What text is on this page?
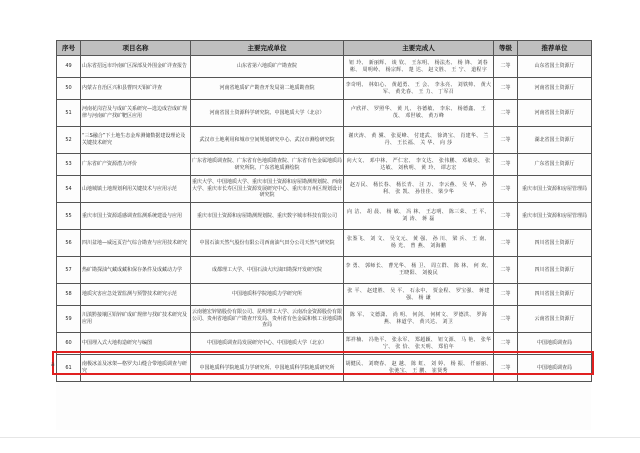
序号	项目名称	主要完成单位	主要完成人	等级	推荐单位
49	山东省招远市玲南矿区深部及外围金矿详查报告	山东省第六地质矿产勘查院	钮 玲、 新丽辉、 谈 钦、 王东明、 杨法杰、 杨 锋、 刘春彬、 周明岭、 杨宗辉、 楚 达、 赵文胜、 王 宁、 道程宇	二等	山东省国土资源厅
50	内蒙古自治区兴和县曹四天钼矿详查	河南省地质矿产勘查开发局第二地质勘查院	李奇明、 林如心、 黄超勇、 王 会、 李永亮、 刘铁帅、 黄大军、 黄先春、 王 力、 丁军召	二等	河南省国土资源厅
51	河南花岗岩及与成矿关系研究—选边成岩成矿规律与河南矿产找矿靶区应用	河南省国土资源科学研究院、中国地质大学（北京）	卢欣祥、 罗照华、 黄 凡、 谷德敏、 李东、 杨德鑫、 王 茂、 邓世敏、 黄万峰	二等	河南省国土资源厅
52	“三S融合”下土地生态金库测储数据建设理论及关键技术研究	武汉市土地利用和城市空间规划研究中心、武汉市测绘研究院	谢庆涛、 黄 骥、 张夏峰、 付建武、 徐鸿宝、 肖建华、 兰 丹、 王长福、 关 华、 向 莎	二等	湖北省国土资源厅
53	广东省矿产资源潜力评价	广东省地质调查院、广东省有色地质勘查院、广东省有色金属地质局研究所院、广东省地质测绘院	向大文、 邓中林、 严仁宏、 李文达、 张伟鹏、 邓敏亮、 张达敏、 刘秋明、 黄 玲、 谭志宏	二等	广东省国土资源厅
54	山地城镇土地规划利用关键技术与应用示范	重庆大学、中国地质大学、重庆市国土资源和房屋勘测规划院、西南大学、重庆市长寿区国土资源发展研究中心、重庆市万州区规划设计研究院	赵万民、 杨长春、 杨长青、 汪 万、 李云燕、 吴 华、 孙 利、 张 凯、 孙佳佳、 梁少华	二等	重庆市国土资源和房屋管理局
55	重庆市国土资源遥感调查监测系统建设与应用	重庆市国土资源和房屋勘测规划院、重庆数字城市科技有限公司	向 洁、 胡 晨、 杨 敏、 冯 林、 王志明、 陈三荣、 王 平、 刘 涛、 蒋 磊	二等	重庆市国土资源和房屋管理局
56	四川盆地—威远页岩气综合勘查与应用技术研究	中国石油天然气股份有限公司西南油气田分公司天然气研究院	张鉴飞、 刘 文、 吴文元、 黄 强、 孙 川、 梁 兵、 王 南、 杨 光、 曾 燕、 刘海鹏	二等	四川省国土资源厅
57	热矿勘探油气藏成藏和保存条件及成藏动力学	成都理工大学、中国石油大庆油田勘探开发研究院	李 勇、 郭师长、 曹光华、 杨 卫、 周立群、 陈 林、 何 欢、 王晓阳、 刘俊民	二等	四川省国土资源厅
58	地质灾害应急处置监测与预警技术研究示范	中国地质科学院地质力学研究所	张 平、 赵建胜、 吴 平、 石永中、 贾金程、 罗宝强、 蒋建强、 杨 谦	二等	四川省国土资源厅
59	川滇黔接壤区铅锌矿成矿规律与找矿技术研究及应用	云南驰宏锌锗股份有限公司、昆明理工大学、云南冶金资源股份有限公司、贵州省地质矿产勘查开发局、贵州省有色金属和核工业地质勘查局	陈 军、 文德潇、 尚 明、 何剑、 何树文、 罗德洪、 罗海燕、 林道学、 黄兴达、 刘卫	二等	云南省国土资源厅
60	中国埋入式大地构造研究与编图	中国地质调查局发展研究中心、中国地质大学（北京）	郑祥楠、 冯艳平、 张永军、 郑超颖、 钮文源、 马 艳、 张华宁、 张 恰、 张天明、 郑伯年	二等	中国地质调查局
61	南极冰盖及冰架—格罗夫山缝合带地质调查与研究	中国地质科学院地质力学研究所、中国地质科学院地质研究所	胡健民、 刘晓春、 赵 越、 陈 虹、 刘 婷、 杨 振、 仟丽丽、 张弛宝、 王 鹏、 崔贤秀	二等	中国地质调查局
a
